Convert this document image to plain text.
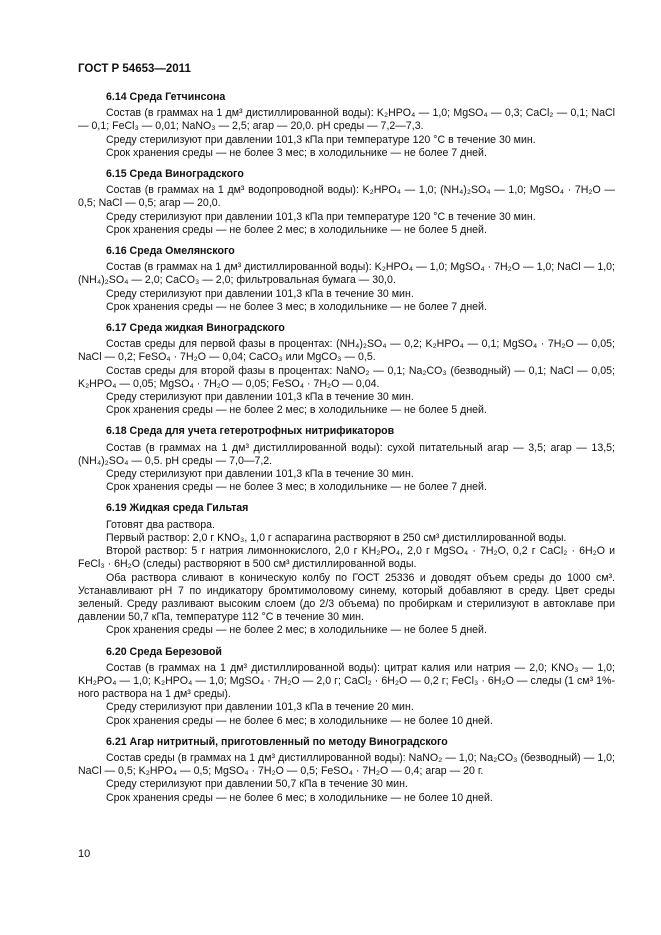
ГОСТ Р 54653—2011
6.14 Среда Гетчинсона

Состав (в граммах на 1 дм³ дистиллированной воды): K₂HPO₄ — 1,0; MgSO₄ — 0,3; CaCl₂ — 0,1; NaCl — 0,1; FeCl₃ — 0,01; NaNO₃ — 2,5; агар — 20,0. pH среды — 7,2—7,3.

Среду стерилизуют при давлении 101,3 кПа при температуре 120 °С в течение 30 мин.

Срок хранения среды — не более 3 мес; в холодильнике — не более 7 дней.

6.15 Среда Виноградского

Состав (в граммах на 1 дм³ водопроводной воды): K₂HPO₄ — 1,0; (NH₄)₂SO₄ — 1,0; MgSO₄ · 7H₂O — 0,5; NaCl — 0,5; агар — 20,0.

Среду стерилизуют при давлении 101,3 кПа при температуре 120 °С в течение 30 мин.

Срок хранения среды — не более 2 мес; в холодильнике — не более 5 дней.

6.16 Среда Омелянского

Состав (в граммах на 1 дм³ дистиллированной воды): K₂HPO₄ — 1,0; MgSO₄ · 7H₂O — 1,0; NaCl — 1,0; (NH₄)₂SO₄ — 2,0; CaCO₃ — 2,0; фильтровальная бумага — 30,0.

Среду стерилизуют при давлении 101,3 кПа в течение 30 мин.

Срок хранения среды — не более 3 мес; в холодильнике — не более 7 дней.

6.17 Среда жидкая Виноградского

Состав среды для первой фазы в процентах: (NH₄)₂SO₄ — 0,2; K₂HPO₄ — 0,1; MgSO₄ · 7H₂O — 0,05; NaCl — 0,2; FeSO₄ · 7H₂O — 0,04; CaCO₃ или MgCO₃ — 0,5.

Состав среды для второй фазы в процентах: NaNO₂ — 0,1; Na₂CO₃ (безводный) — 0,1; NaCl — 0,05; K₂HPO₄ — 0,05; MgSO₄ · 7H₂O — 0,05; FeSO₄ · 7H₂O — 0,04.

Среду стерилизуют при давлении 101,3 кПа в течение 30 мин.

Срок хранения среды — не более 2 мес; в холодильнике — не более 5 дней.

6.18 Среда для учета гетеротрофных нитрификаторов

Состав (в граммах на 1 дм³ дистиллированной воды): сухой питательный агар — 3,5; агар — 13,5; (NH₄)₂SO₄ — 0,5. pH среды — 7,0—7,2.

Среду стерилизуют при давлении 101,3 кПа в течение 30 мин.

Срок хранения среды — не более 3 мес; в холодильнике — не более 7 дней.

6.19 Жидкая среда Гильтая

Готовят два раствора.

Первый раствор: 2,0 г KNO₃, 1,0 г аспарагина растворяют в 250 см³ дистиллированной воды.

Второй раствор: 5 г натрия лимоннокислого, 2,0 г KH₂PO₄, 2,0 г MgSO₄ · 7H₂O, 0,2 г CaCl₂ · 6H₂O и FeCl₃ · 6H₂O (следы) растворяют в 500 см³ дистиллированной воды.

Оба раствора сливают в коническую колбу по ГОСТ 25336 и доводят объем среды до 1000 см³. Устанавливают pH 7 по индикатору бромтимоловому синему, который добавляют в среду. Цвет среды зеленый. Среду разливают высоким слоем (до 2/3 объема) по пробиркам и стерилизуют в автоклаве при давлении 50,7 кПа, температуре 112 °С в течение 30 мин.

Срок хранения среды — не более 2 мес; в холодильнике — не более 5 дней.

6.20 Среда Березовой

Состав (в граммах на 1 дм³ дистиллированной воды): цитрат калия или натрия — 2,0; KNO₃ — 1,0; KH₂PO₄ — 1,0; K₂HPO₄ — 1,0; MgSO₄ · 7H₂O — 2,0 г; CaCl₂ · 6H₂O — 0,2 г; FeCl₃ · 6H₂O — следы (1 см³ 1%-ного раствора на 1 дм³ среды).

Среду стерилизуют при давлении 101,3 кПа в течение 20 мин.

Срок хранения среды — не более 6 мес; в холодильнике — не более 10 дней.

6.21 Агар нитритный, приготовленный по методу Виноградского

Состав среды (в граммах на 1 дм³ дистиллированной воды): NaNO₂ — 1,0; Na₂CO₃ (безводный) — 1,0; NaCl — 0,5; K₂HPO₄ — 0,5; MgSO₄ · 7H₂O — 0,5; FeSO₄ · 7H₂O — 0,4; агар — 20 г.

Среду стерилизуют при давлении 50,7 кПа в течение 30 мин.

Срок хранения среды — не более 6 мес; в холодильнике — не более 10 дней.

10
